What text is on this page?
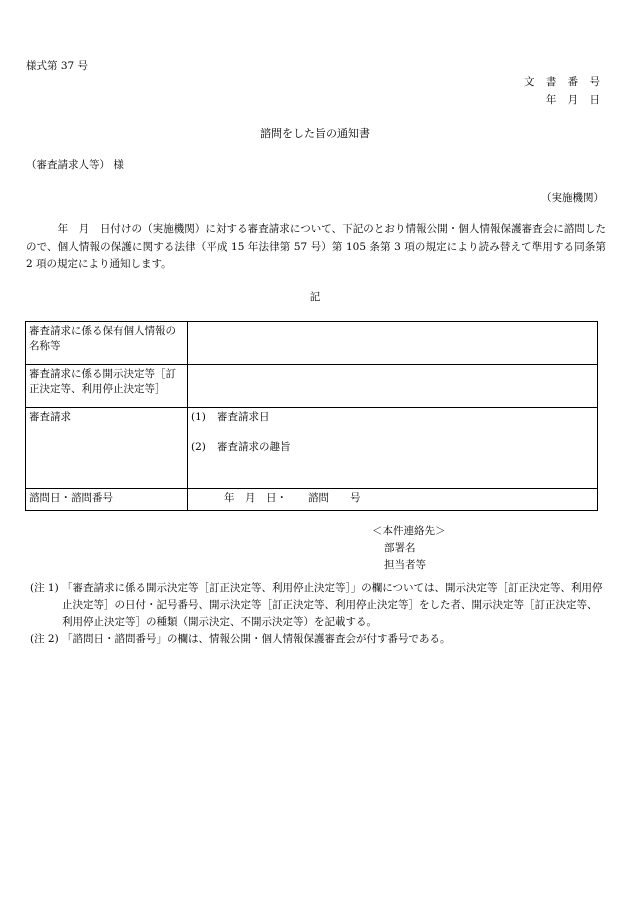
様式第 37 号
文 書 番 号
年 月 日
諮問をした旨の通知書
（審査請求人等） 様
（実施機関）
　　　年　月　日付けの（実施機関）に対する審査請求について、下記のとおり情報公開・個人情報保護審査会に諮問したので、個人情報の保護に関する法律（平成 15 年法律第 57 号）第 105 条第 3 項の規定により読み替えて準用する同条第 2 項の規定により通知します。
記
審査請求に係る保有個人情報の名称等	
審査請求に係る開示決定等［訂正決定等、利用停止決定等］	
審査請求	(1) 審査請求日
(2) 審査請求の趣旨

諮問日・諮問番号	年　月　日・　　諮問　　号
＜本件連絡先＞
部署名
担当者等
(注 1) 「審査請求に係る開示決定等［訂正決定等、利用停止決定等］」の欄については、開示決定等［訂正決定等、利用停止決定等］の日付・記号番号、開示決定等［訂正決定等、利用停止決定等］をした者、開示決定等［訂正決定等、利用停止決定等］の種類（開示決定、不開示決定等）を記載する。
(注 2) 「諮問日・諮問番号」の欄は、情報公開・個人情報保護審査会が付す番号である。
